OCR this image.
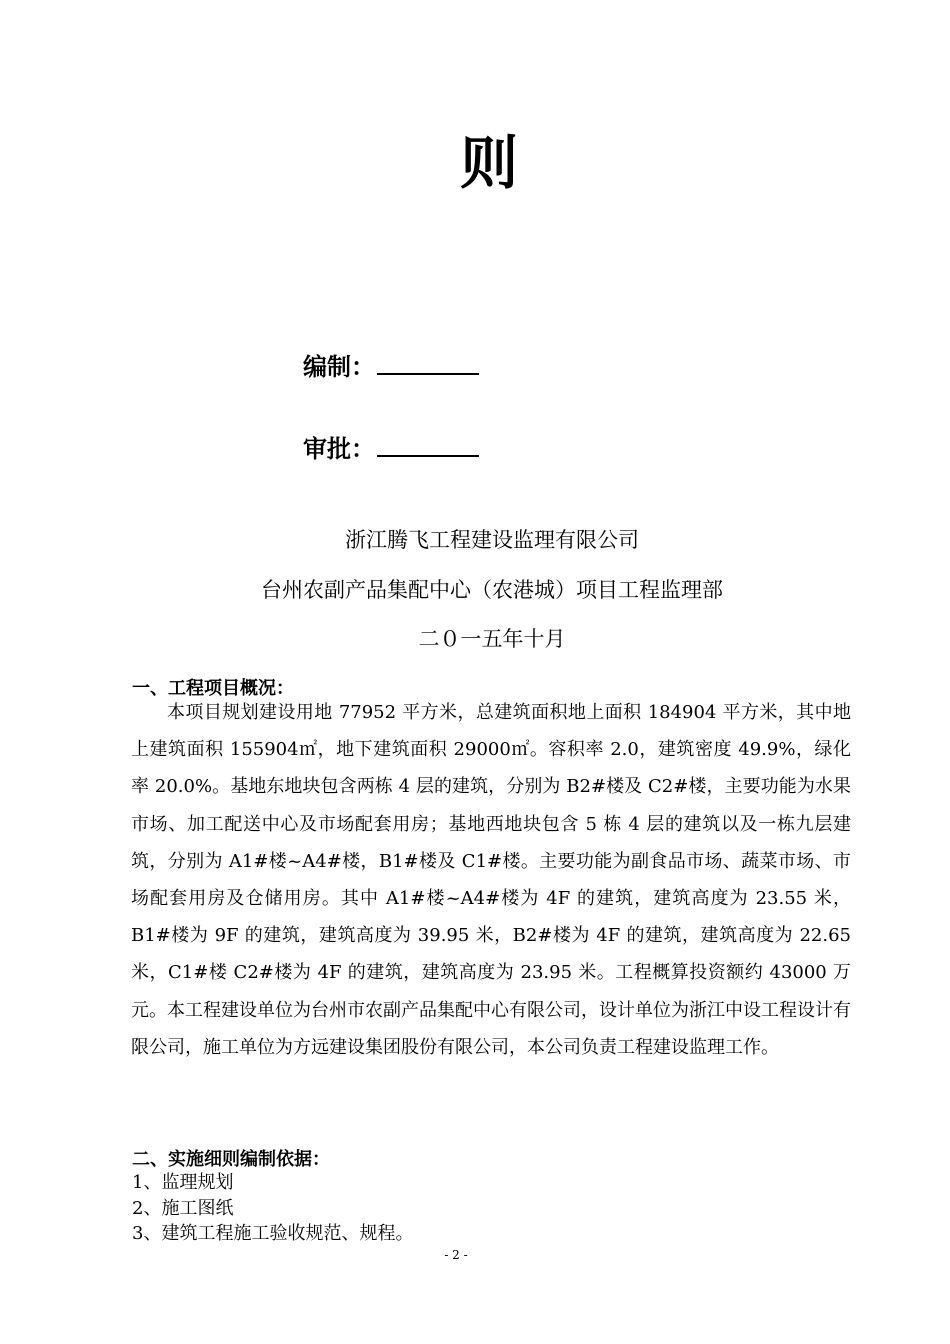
则
编制：
审批：
浙江腾飞工程建设监理有限公司
台州农副产品集配中心（农港城）项目工程监理部
二０一五年十月
一、工程项目概况：
本项目规划建设用地 77952 平方米，总建筑面积地上面积 184904 平方米，其中地上建筑面积 155904㎡，地下建筑面积 29000㎡。容积率 2.0，建筑密度 49.9%，绿化率 20.0%。基地东地块包含两栋 4 层的建筑，分别为 B2#楼及 C2#楼，主要功能为水果市场、加工配送中心及市场配套用房；基地西地块包含 5 栋 4 层的建筑以及一栋九层建筑，分别为 A1#楼~A4#楼，B1#楼及 C1#楼。主要功能为副食品市场、蔬菜市场、市场配套用房及仓储用房。其中 A1#楼~A4#楼为 4F 的建筑，建筑高度为 23.55 米，B1#楼为 9F 的建筑，建筑高度为 39.95 米，B2#楼为 4F 的建筑，建筑高度为 22.65 米，C1#楼 C2#楼为 4F 的建筑，建筑高度为 23.95 米。工程概算投资额约 43000 万元。本工程建设单位为台州市农副产品集配中心有限公司，设计单位为浙江中设工程设计有限公司，施工单位为方远建设集团股份有限公司，本公司负责工程建设监理工作。
二、实施细则编制依据：
1、监理规划
2、施工图纸
3、建筑工程施工验收规范、规程。
- 2 -
